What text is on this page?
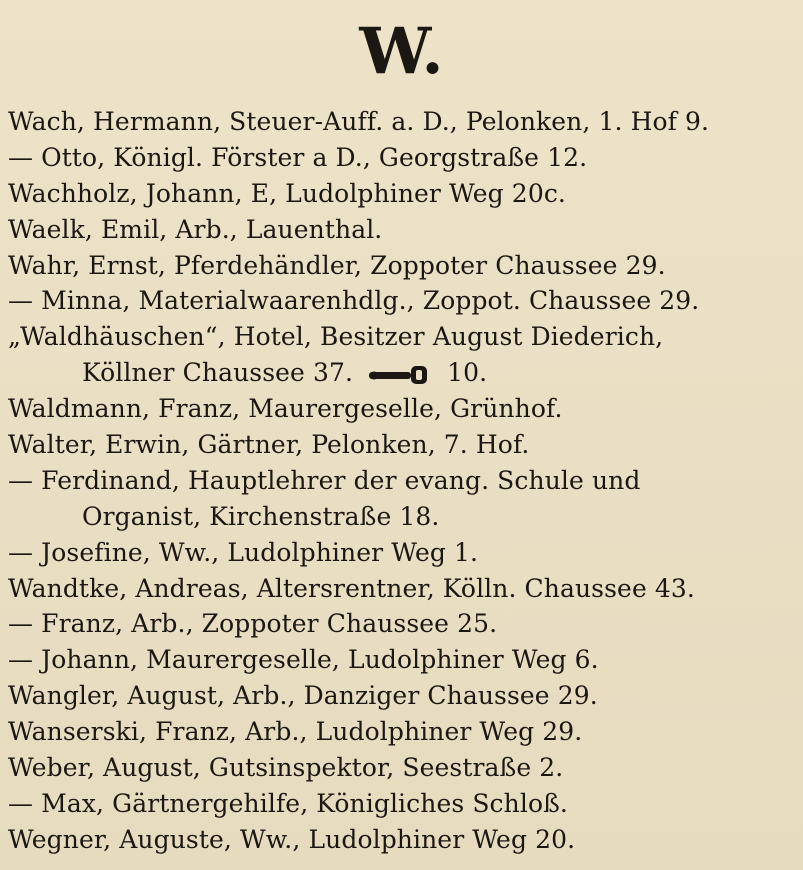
W.
Wach, Hermann, Steuer-Auff. a. D., Pelonken, 1. Hof 9.
— Otto, Königl. Förster a D., Georgstraße 12.
Wachholz, Johann, E, Ludolphiner Weg 20c.
Waelk, Emil, Arb., Lauenthal.
Wahr, Ernst, Pferdehändler, Zoppoter Chaussee 29.
— Minna, Materialwaarenhdlg., Zoppot. Chaussee 29.
„Waldhäuschen“, Hotel, Besitzer August Diederich,
Köllner Chaussee 37.	10.
Waldmann, Franz, Maurergeselle, Grünhof.
Walter, Erwin, Gärtner, Pelonken, 7. Hof.
— Ferdinand, Hauptlehrer der evang. Schule und
Organist, Kirchenstraße 18.
— Josefine, Ww., Ludolphiner Weg 1.
Wandtke, Andreas, Altersrentner, Kölln. Chaussee 43.
— Franz, Arb., Zoppoter Chaussee 25.
— Johann, Maurergeselle, Ludolphiner Weg 6.
Wangler, August, Arb., Danziger Chaussee 29.
Wanserski, Franz, Arb., Ludolphiner Weg 29.
Weber, August, Gutsinspektor, Seestraße 2.
— Max, Gärtnergehilfe, Königliches Schloß.
Wegner, Auguste, Ww., Ludolphiner Weg 20.
